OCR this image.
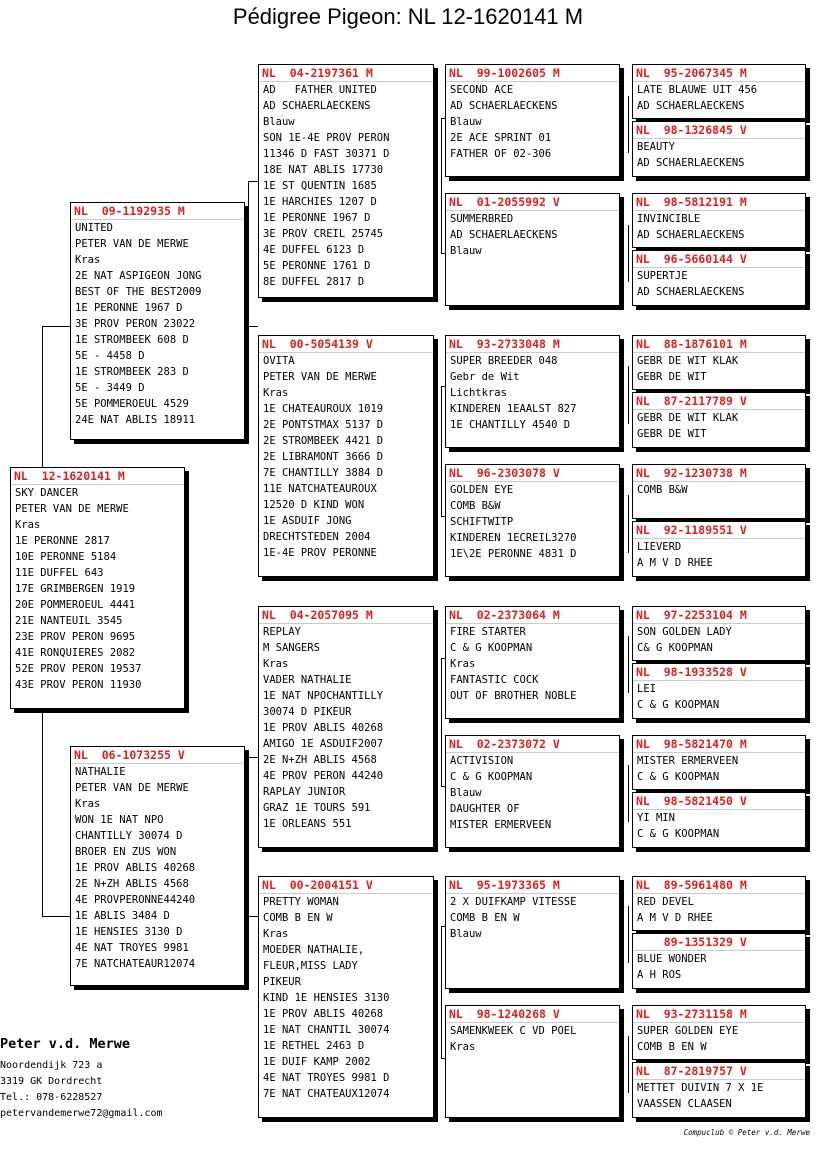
Pédigree Pigeon: NL 12-1620141 M
NL  12-1620141 M
SKY DANCER
PETER VAN DE MERWE
Kras
1E PERONNE 2817
10E PERONNE 5184
11E DUFFEL 643
17E GRIMBERGEN 1919
20E POMMEROEUL 4441
21E NANTEUIL 3545
23E PROV PERON 9695
41E RONQUIERES 2082
52E PROV PERON 19537
43E PROV PERON 11930
NL  09-1192935 M
UNITED
PETER VAN DE MERWE
Kras
2E NAT ASPIGEON JONG
BEST OF THE BEST2009
1E PERONNE 1967 D
3E PROV PERON 23022
1E STROMBEEK 608 D
5E - 4458 D
1E STROMBEEK 283 D
5E - 3449 D
5E POMMEROEUL 4529
24E NAT ABLIS 18911
NL  06-1073255 V
NATHALIE
PETER VAN DE MERWE
Kras
WON 1E NAT NPO
CHANTILLY 30074 D
BROER EN ZUS WON
1E PROV ABLIS 40268
2E N+ZH ABLIS 4568
4E PROVPERONNE44240
1E ABLIS 3484 D
1E HENSIES 3130 D
4E NAT TROYES 9981
7E NATCHATEAUR12074
NL  04-2197361 M
AD   FATHER UNITED
AD SCHAERLAECKENS
Blauw
SON 1E-4E PROV PERON
11346 D FAST 30371 D
18E NAT ABLIS 17730
1E ST QUENTIN 1685
1E HARCHIES 1207 D
1E PERONNE 1967 D
3E PROV CREIL 25745
4E DUFFEL 6123 D
5E PERONNE 1761 D
8E DUFFEL 2817 D
NL  00-5054139 V
OVITA
PETER VAN DE MERWE
Kras
1E CHATEAUROUX 1019
2E PONTSTMAX 5137 D
2E STROMBEEK 4421 D
2E LIBRAMONT 3666 D
7E CHANTILLY 3884 D
11E NATCHATEAUROUX
12520 D KIND WON
1E ASDUIF JONG
DRECHTSTEDEN 2004
1E-4E PROV PERONNE
NL  04-2057095 M
REPLAY
M SANGERS
Kras
VADER NATHALIE
1E NAT NPOCHANTILLY
30074 D PIKEUR
1E PROV ABLIS 40268
AMIGO 1E ASDUIF2007
2E N+ZH ABLIS 4568
4E PROV PERON 44240
RAPLAY JUNIOR
GRAZ 1E TOURS 591
1E ORLEANS 551
NL  00-2004151 V
PRETTY WOMAN
COMB B EN W
Kras
MOEDER NATHALIE,
FLEUR,MISS LADY
PIKEUR
KIND 1E HENSIES 3130
1E PROV ABLIS 40268
1E NAT CHANTIL 30074
1E RETHEL 2463 D
1E DUIF KAMP 2002
4E NAT TROYES 9981 D
7E NAT CHATEAUX12074
NL  99-1002605 M
SECOND ACE
AD SCHAERLAECKENS
Blauw
2E ACE SPRINT 01
FATHER OF 02-306
NL  01-2055992 V
SUMMERBRED
AD SCHAERLAECKENS
Blauw
NL  93-2733048 M
SUPER BREEDER 048
Gebr de Wit
Lichtkras
KINDEREN 1EAALST 827
1E CHANTILLY 4540 D
NL  96-2303078 V
GOLDEN EYE
COMB B&W
SCHIFTWITP
KINDEREN 1ECREIL3270
1E\2E PERONNE 4831 D
NL  02-2373064 M
FIRE STARTER
C & G KOOPMAN
Kras
FANTASTIC COCK
OUT OF BROTHER NOBLE
NL  02-2373072 V
ACTIVISION
C & G KOOPMAN
Blauw
DAUGHTER OF
MISTER ERMERVEEN
NL  95-1973365 M
2 X DUIFKAMP VITESSE
COMB B EN W
Blauw
NL  98-1240268 V
SAMENKWEEK C VD POEL
Kras
NL  95-2067345 M
LATE BLAUWE UIT 456
AD SCHAERLAECKENS
NL  98-1326845 V
BEAUTY
AD SCHAERLAECKENS
NL  98-5812191 M
INVINCIBLE
AD SCHAERLAECKENS
NL  96-5660144 V
SUPERTJE
AD SCHAERLAECKENS
NL  88-1876101 M
GEBR DE WIT KLAK
GEBR DE WIT
NL  87-2117789 V
GEBR DE WIT KLAK
GEBR DE WIT
NL  92-1230738 M
COMB B&W
NL  92-1189551 V
LIEVERD
A M V D RHEE
NL  97-2253104 M
SON GOLDEN LADY
C& G KOOPMAN
NL  98-1933528 V
LEI
C & G KOOPMAN
NL  98-5821470 M
MISTER ERMERVEEN
C & G KOOPMAN
NL  98-5821450 V
YI MIN
C & G KOOPMAN
NL  89-5961480 M
RED DEVEL
A M V D RHEE
89-1351329 V
BLUE WONDER
A H ROS
NL  93-2731158 M
SUPER GOLDEN EYE
COMB B EN W
NL  87-2819757 V
METTET DUIVIN 7 X 1E
VAASSEN CLAASEN
Peter v.d. Merwe
Noordendijk 723 a
3319 GK Dordrecht
Tel.: 078-6228527
petervandemerwe72@gmail.com
Compuclub © Peter v.d. Merwe
